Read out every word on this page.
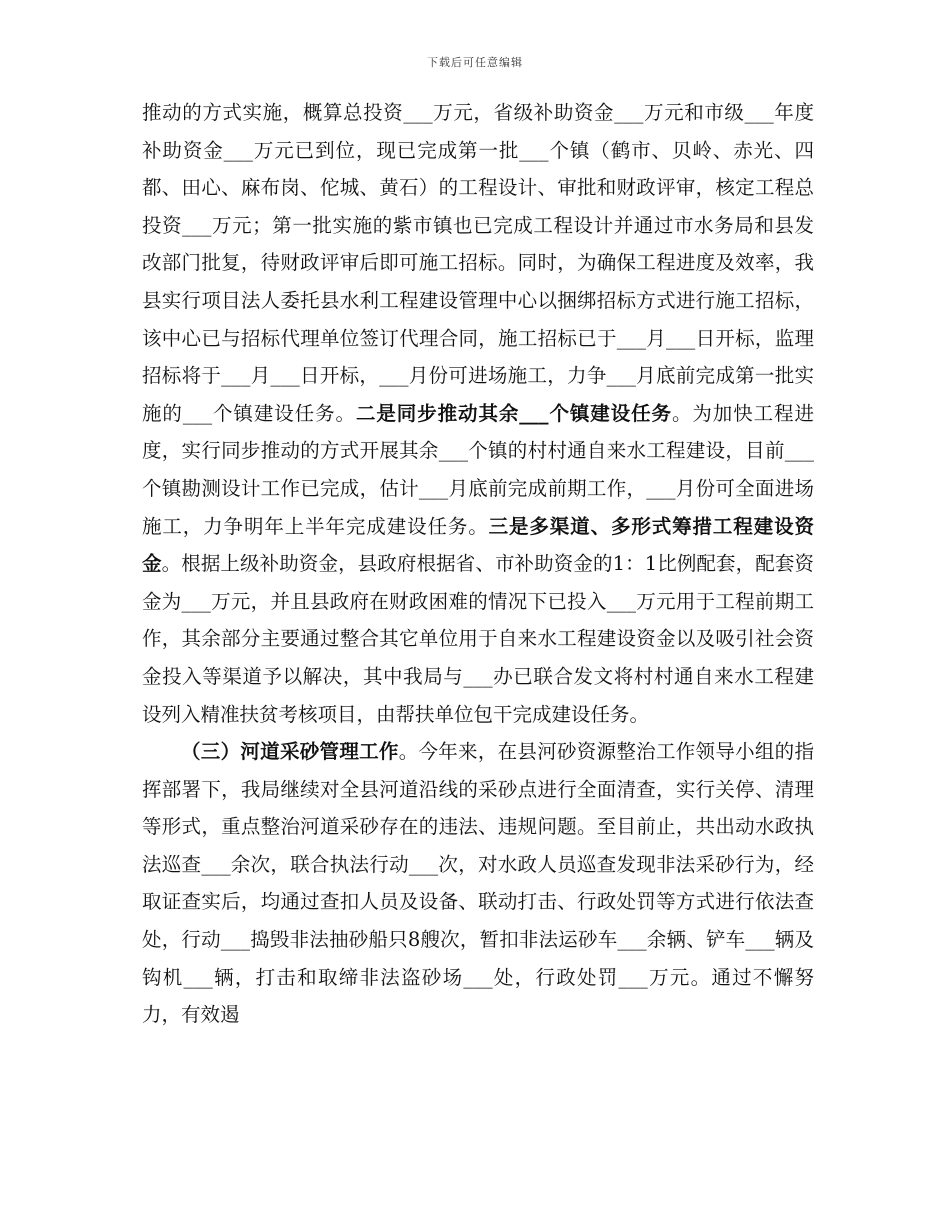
下载后可任意编辑

推动的方式实施，概算总投资___万元，省级补助资金___万元和市级___年度补助资金___万元已到位，现已完成第一批___个镇（鹤市、贝岭、赤光、四都、田心、麻布岗、佗城、黄石）的工程设计、审批和财政评审，核定工程总投资___万元；第一批实施的紫市镇也已完成工程设计并通过市水务局和县发改部门批复，待财政评审后即可施工招标。同时，为确保工程进度及效率，我县实行项目法人委托县水利工程建设管理中心以捆绑招标方式进行施工招标，该中心已与招标代理单位签订代理合同，施工招标已于___月___日开标，监理招标将于___月___日开标，___月份可进场施工，力争___月底前完成第一批实施的___个镇建设任务。二是同步推动其余___个镇建设任务。为加快工程进度，实行同步推动的方式开展其余___个镇的村村通自来水工程建设，目前___个镇勘测设计工作已完成，估计___月底前完成前期工作，___月份可全面进场施工，力争明年上半年完成建设任务。三是多渠道、多形式筹措工程建设资金。根据上级补助资金，县政府根据省、市补助资金的1：1比例配套，配套资金为___万元，并且县政府在财政困难的情况下已投入___万元用于工程前期工作，其余部分主要通过整合其它单位用于自来水工程建设资金以及吸引社会资金投入等渠道予以解决，其中我局与___办已联合发文将村村通自来水工程建设列入精准扶贫考核项目，由帮扶单位包干完成建设任务。

（三）河道采砂管理工作。今年来，在县河砂资源整治工作领导小组的指挥部署下，我局继续对全县河道沿线的采砂点进行全面清查，实行关停、清理等形式，重点整治河道采砂存在的违法、违规问题。至目前止，共出动水政执法巡查___余次，联合执法行动___次，对水政人员巡查发现非法采砂行为，经取证查实后，均通过查扣人员及设备、联动打击、行政处罚等方式进行依法查处，行动___捣毁非法抽砂船只8艘次，暂扣非法运砂车___余辆、铲车___辆及钩机___辆，打击和取缔非法盗砂场___处，行政处罚___万元。通过不懈努力，有效遏
